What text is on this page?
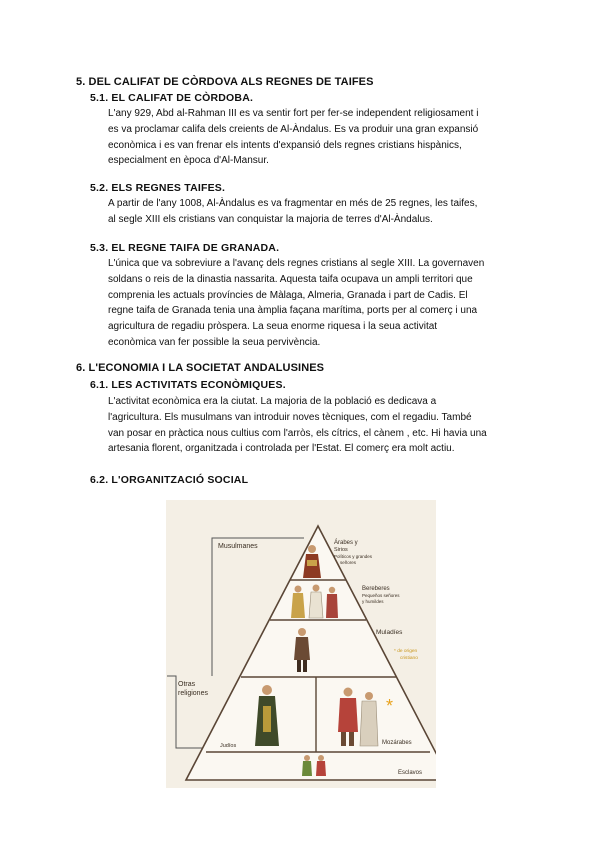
5. DEL CALIFAT DE CÒRDOVA ALS REGNES DE TAIFES
5.1. EL CALIFAT DE CÒRDOBA.
L'any 929, Abd al-Rahman III es va sentir fort per fer-se independent religiosament i
es va proclamar califa dels creients de Al-Àndalus. Es va produir una gran expansió
econòmica i es van frenar els intents d'expansió dels regnes cristians hispànics,
especialment en època d'Al-Mansur.
5.2. ELS REGNES TAIFES.
A partir de l'any 1008, Al-Àndalus es va fragmentar en més de 25 regnes, les taifes,
al segle XIII els cristians van conquistar la majoria de terres d'Al-Àndalus.
5.3. EL REGNE TAIFA DE GRANADA.
L'única que va sobreviure a l'avanç dels regnes cristians al segle XIII. La governaven
soldans o reis de la dinastia nassarita. Aquesta taifa ocupava un ampli territori que
comprenia les actuals províncies de Màlaga, Almeria, Granada i part de Cadis. El
regne taifa de Granada tenia una àmplia façana marítima, ports per al comerç i una
agricultura de regadiu pròspera. La seua enorme riquesa i la seua activitat
econòmica van fer possible la seua pervivència.
6. L'ECONOMIA I LA SOCIETAT ANDALUSINES
6.1. LES ACTIVITATS ECONÒMIQUES.
L'activitat econòmica era la ciutat. La majoria de la població es dedicava a
l'agricultura. Els musulmans van introduir noves tècniques, com el regadiu. També
van posar en pràctica nous cultius com l'arròs, els cítrics, el cànem , etc. Hi havia una
artesania florent, organitzada i controlada per l'Estat. El comerç era molt actiu.
6.2. L'ORGANITZACIÓ SOCIAL
Musulmanes
Otras
religiones
Árabes y
Sirios
Políticos y grandes
señores
Bereberes
Pequeños señores
y humildes
Muladíes
* de origen
cristiano
*
Judíos	Mozárabes
Esclavos
